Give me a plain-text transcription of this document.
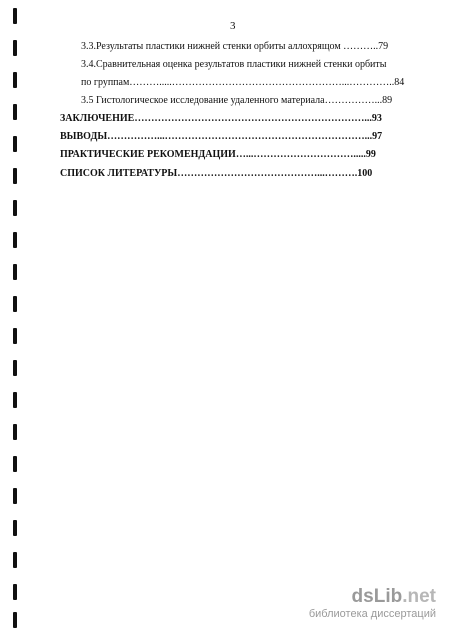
3
3.3.Результаты пластики нижней стенки орбиты аллохрящом ………..79
3.4.Сравнительная оценка результатов пластики нижней стенки орбиты
по группам……….....……………………………………………...…………..84
3.5 Гистологическое исследование удаленного материала……………...89
ЗАКЛЮЧЕНИЕ……………………………………………………………...93
ВЫВОДЫ……………...……………………………………………………...97
ПРАКТИЧЕСКИЕ РЕКОМЕНДАЦИИ…...………………………….....99
СПИСОК ЛИТЕРАТУРЫ……………………………………...……….100
dsLib.net
библиотека диссертаций
